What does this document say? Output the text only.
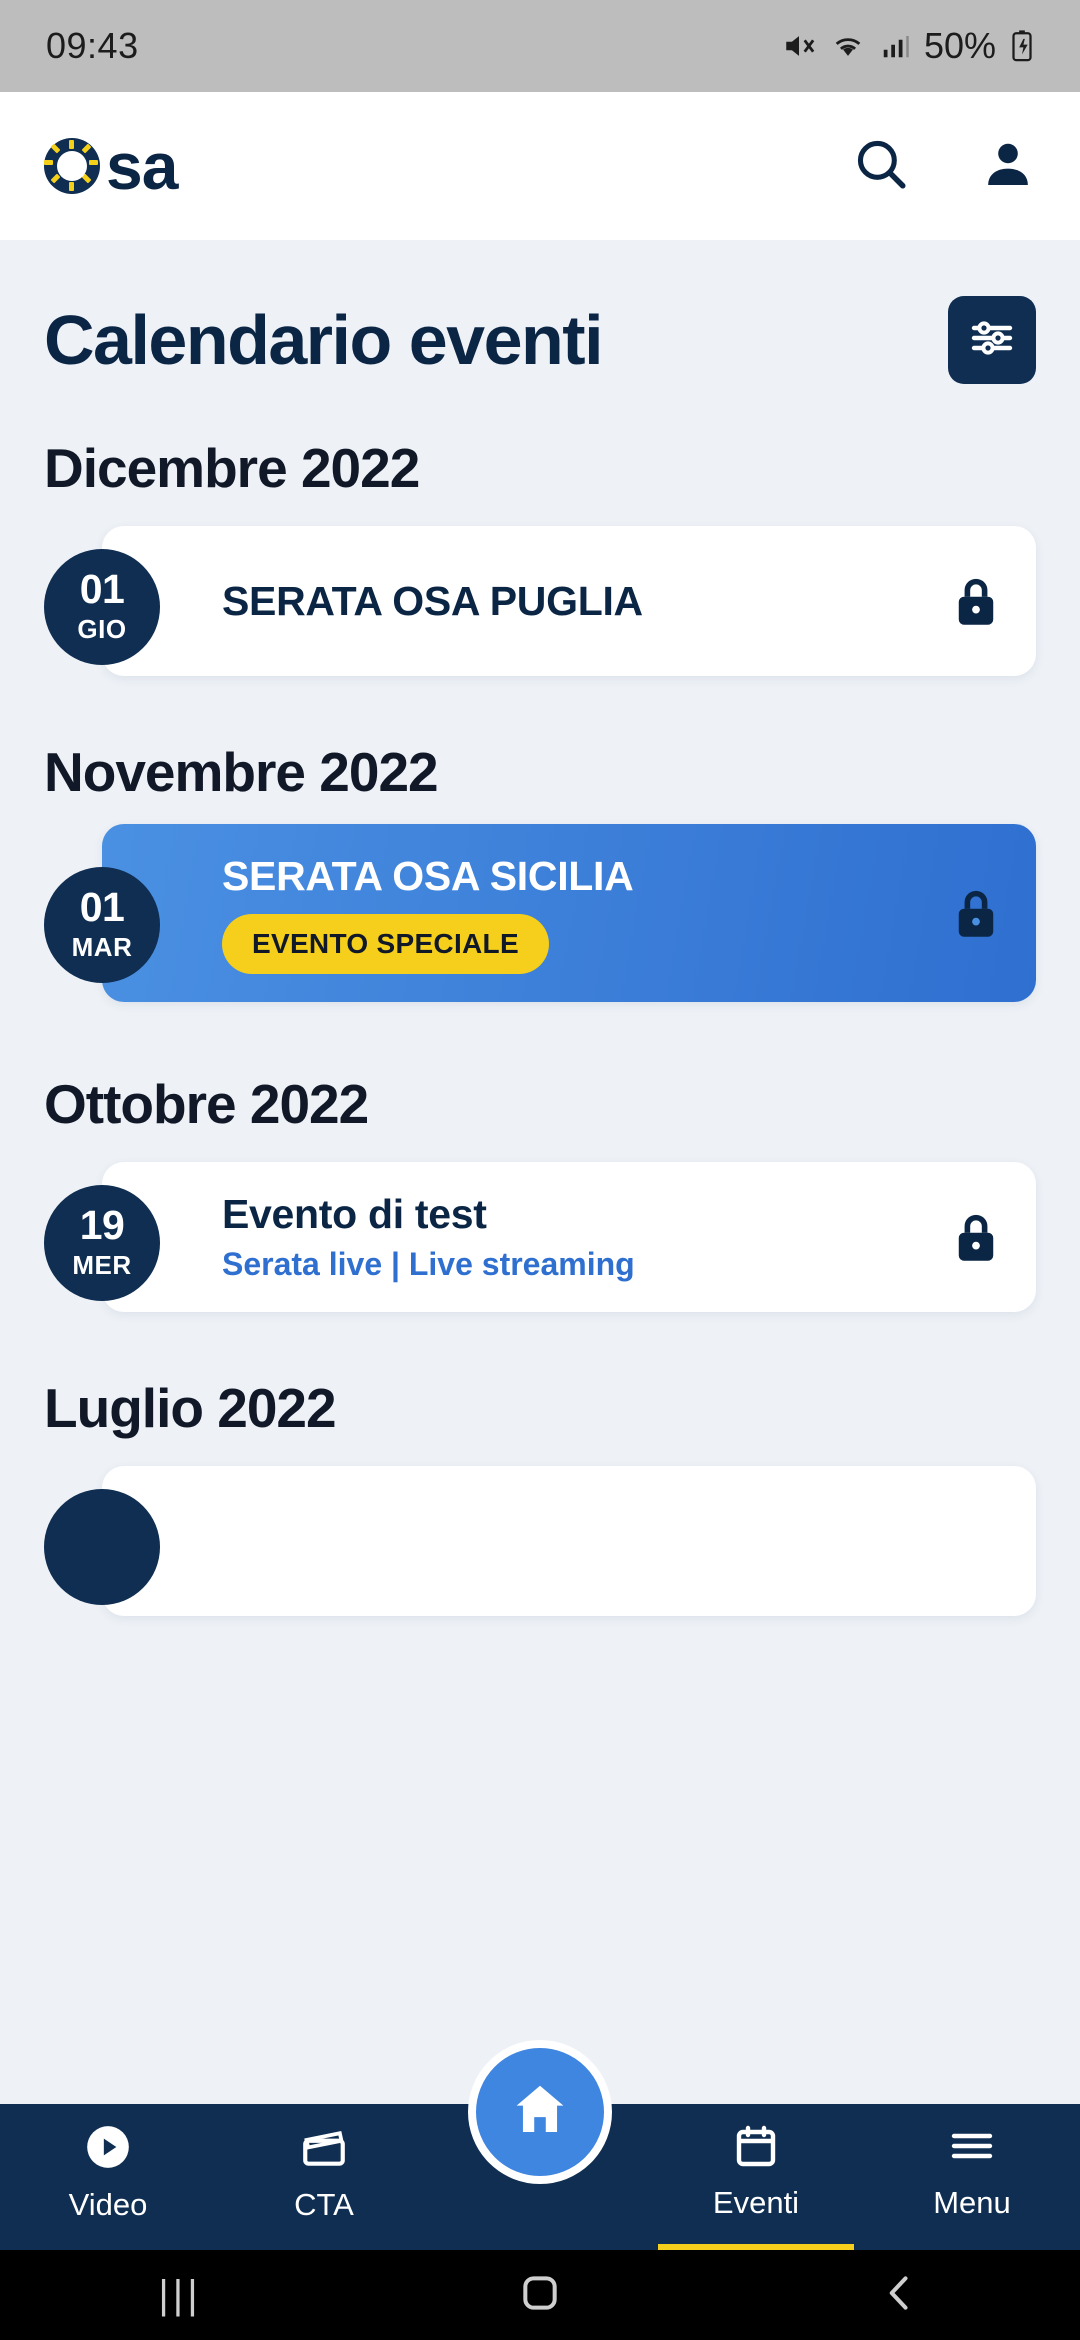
09:43	50%
sa
Calendario eventi
Dicembre 2022
SERATA OSA PUGLIA
01
GIO
Novembre 2022
SERATA OSA SICILIA
EVENTO SPECIALE
01
MAR
Ottobre 2022
Evento di test
Serata live | Live streaming
19
MER
Luglio 2022
Video	CTA	Eventi	Menu
|||
